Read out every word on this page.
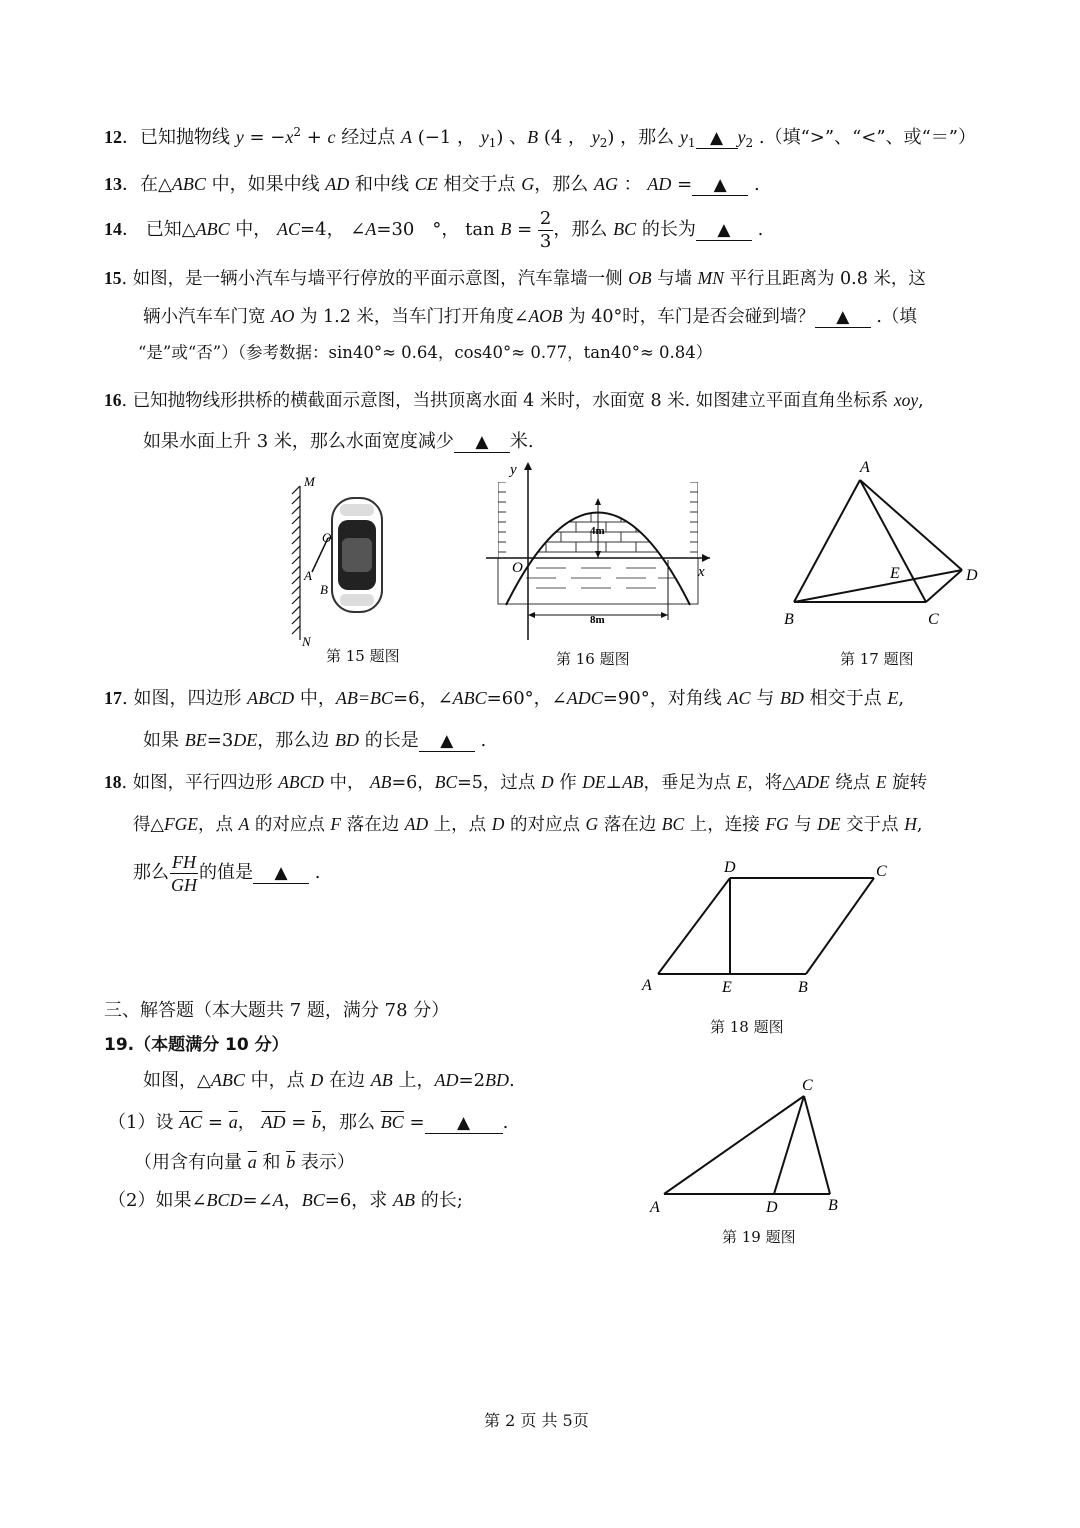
12．已知抛物线 $y = -x^2 + c$ 经过点 A (−1 ， $y_1$) 、B (4 ， $y_2$) ，那么 $y_1$ ▲ $y_2$ .（填“>”、“<”、或“＝”）
13．在△ABC 中，如果中线 AD 和中线 CE 相交于点 G，那么 AG ： AD = ▲ .
14． 已知△ABC 中， AC=4， ∠A=30　°， $\tan B = \frac{2}{3}$ ，那么 BC 的长为 ▲ .
15. 如图，是一辆小汽车与墙平行停放的平面示意图，汽车靠墙一侧 OB 与墙 MN 平行且距离为 0.8 米，这
辆小汽车车门宽 AO 为 1.2 米，当车门打开角度∠AOB 为 40°时，车门是否会碰到墙？ ▲ .（填
“是”或“否”）（参考数据：sin40°≈ 0.64，cos40°≈ 0.77，tan40°≈ 0.84）
16. 已知抛物线形拱桥的横截面示意图，当拱顶离水面 4 米时，水面宽 8 米. 如图建立平面直角坐标系 xoy,
如果水面上升 3 米，那么水面宽度减少 ▲ 米.
M
O
A
B
N
第 15 题图
y
x
O
4m
8m
第 16 题图
A
B	C
D
E
第 17 题图
17. 如图，四边形 ABCD 中，AB=BC=6，∠ABC=60°，∠ADC=90°，对角线 AC 与 BD 相交于点 E,
如果 BE=3DE，那么边 BD 的长是 ▲ .
18. 如图，平行四边形 ABCD 中， AB=6，BC=5，过点 D 作 DE⊥AB，垂足为点 E，将△ADE 绕点 E 旋转
得△FGE，点 A 的对应点 F 落在边 AD 上，点 D 的对应点 G 落在边 BC 上，连接 FG 与 DE 交于点 H,
那么 $\frac{FH}{GH}$ 的值是 ▲ .	D	C
A	E	B
第 18 题图
三、解答题（本大题共 7 题，满分 78 分）
19.（本题满分 10 分）
如图，△ABC 中，点 D 在边 AB 上，AD=2BD.
（1）设 $\overline{AC} = \overline{a}$， $\overline{AD} = \overline{b}$，那么 $\overline{BC}$ = ▲ .
（用含有向量 $\overline{a}$ 和 $\overline{b}$ 表示）
（2）如果∠BCD=∠A，BC=6，求 AB 的长;
C
A	D	B
第 19 题图
第 2 页 共 5页
